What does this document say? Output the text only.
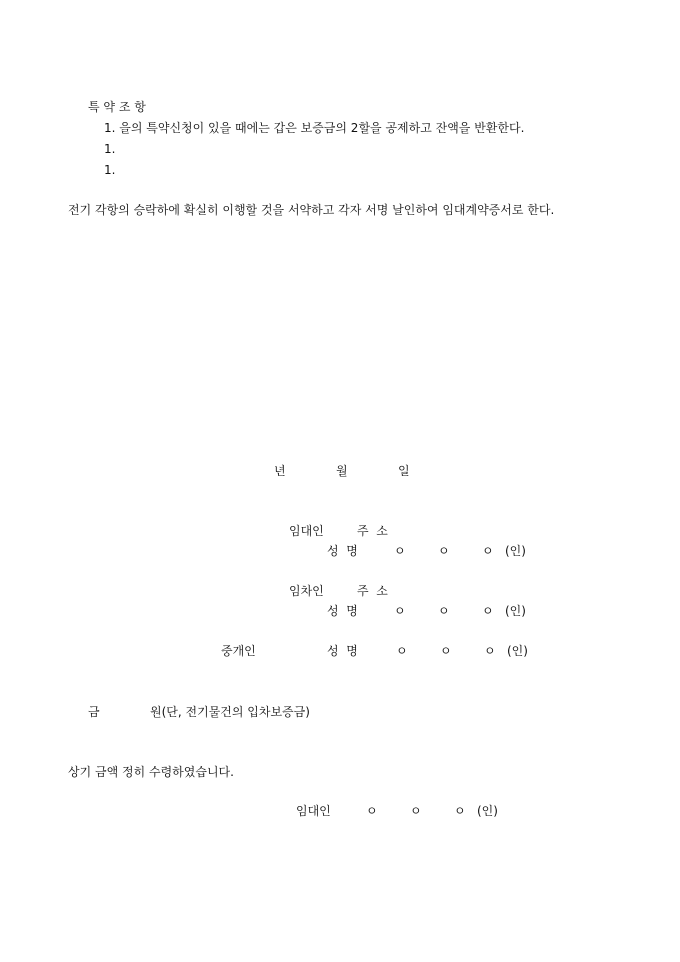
특 약 조 항
1. 을의 특약신청이 있을 때에는 갑은 보증금의 2할을 공제하고 잔액을 반환한다.
1.
1.
전기 각항의 승락하에 확실히 이행할 것을 서약하고 각자 서명 날인하여 임대계약증서로 한다.
년	월	일
임대인	주  소
성  명	ㅇ	ㅇ	ㅇ (인)
임차인	주  소
성  명	ㅇ	ㅇ	ㅇ (인)
중개인	성  명	ㅇ	ㅇ	ㅇ (인)
금	원(단, 전기물건의 입차보증금)
상기 금액 정히 수령하였습니다.
임대인	ㅇ	ㅇ	ㅇ (인)
